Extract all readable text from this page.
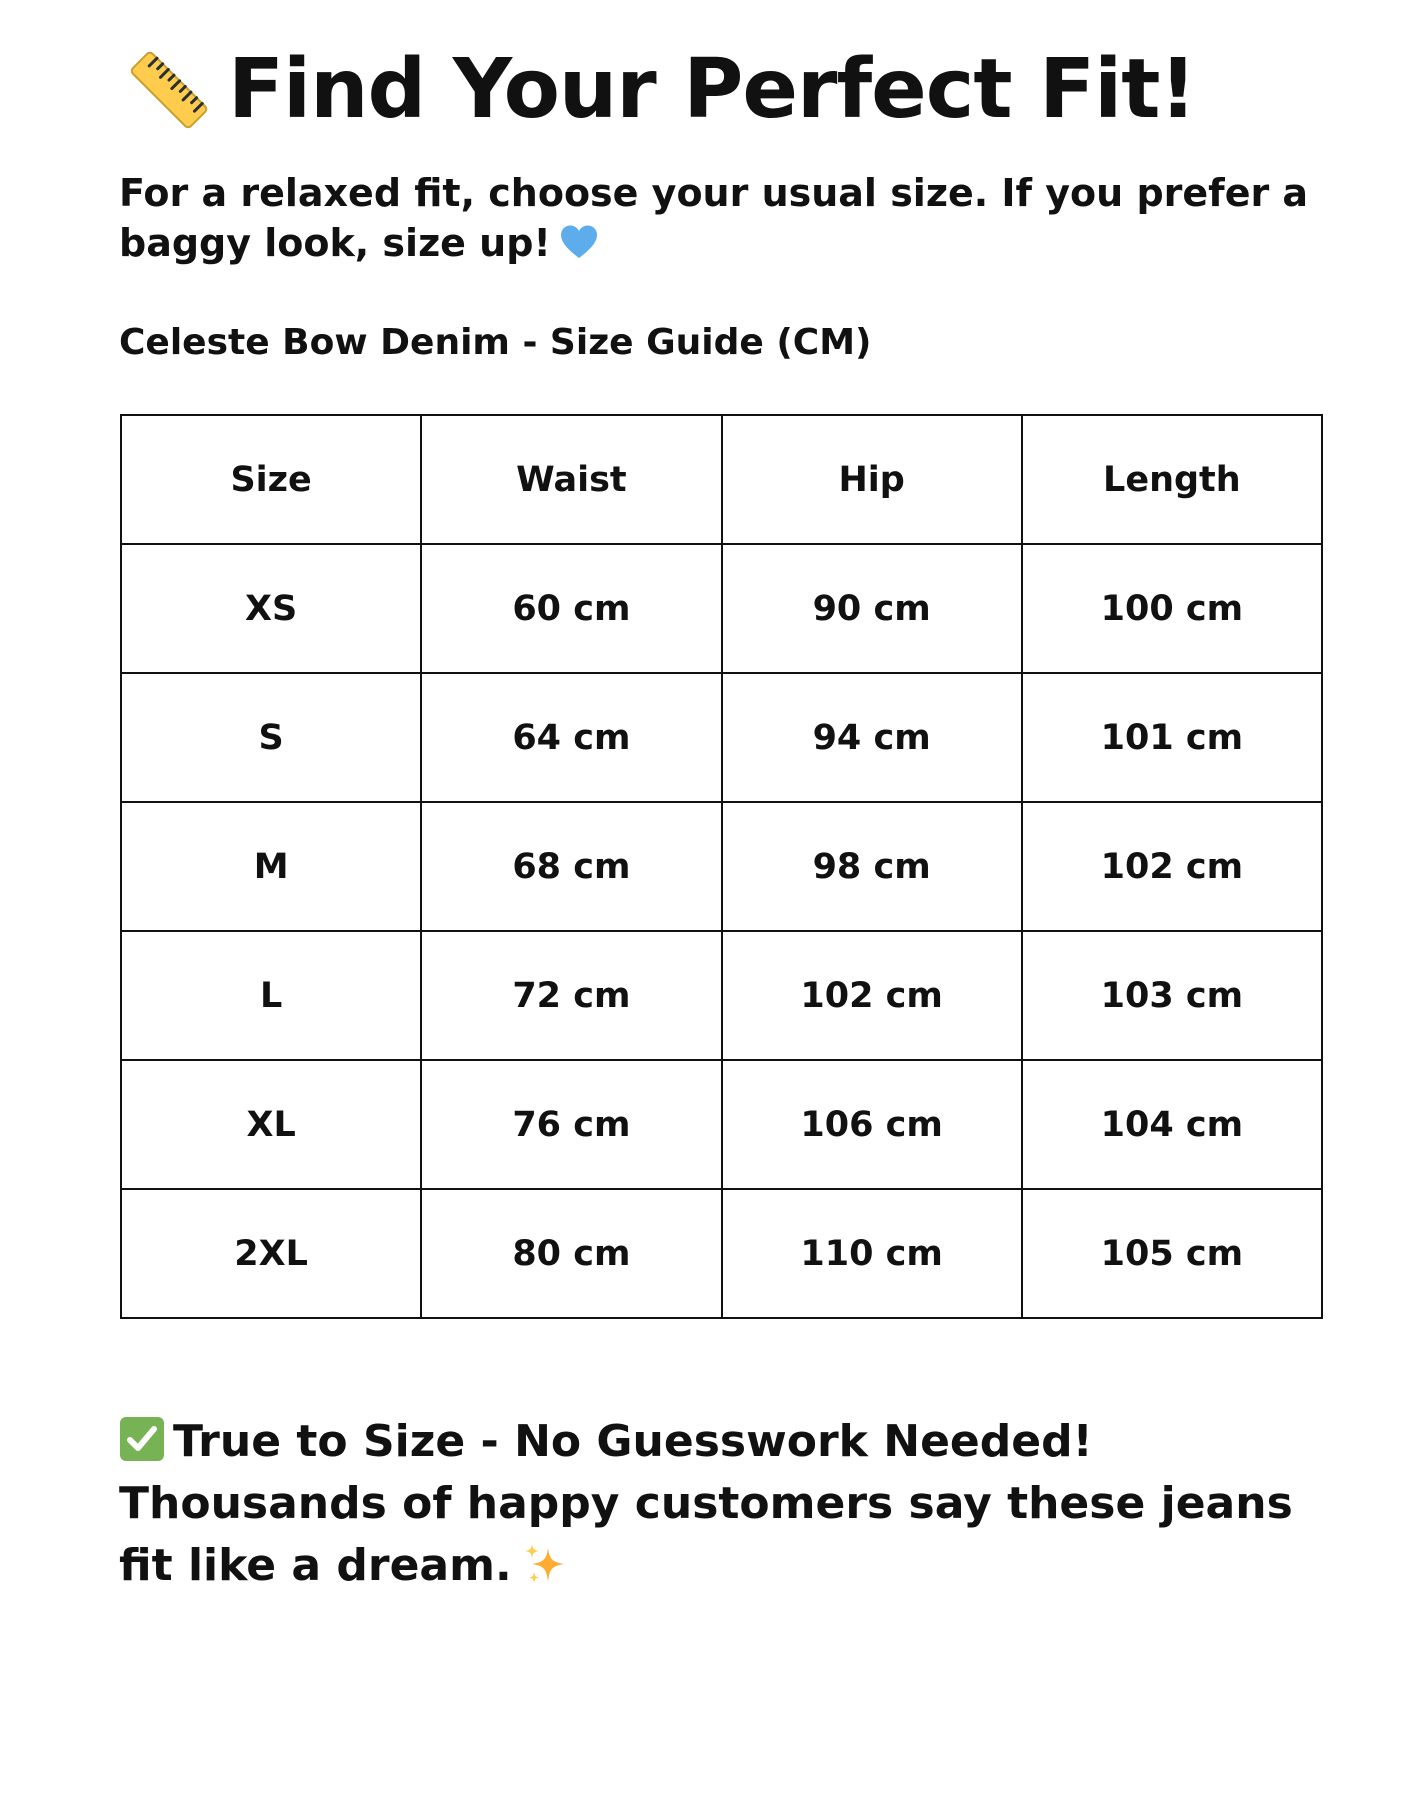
Find Your Perfect Fit!
For a relaxed fit, choose your usual size. If you prefer a baggy look, size up!
Celeste Bow Denim - Size Guide (CM)
Size	Waist	Hip	Length
XS	60 cm	90 cm	100 cm
S	64 cm	94 cm	101 cm
M	68 cm	98 cm	102 cm
L	72 cm	102 cm	103 cm
XL	76 cm	106 cm	104 cm
2XL	80 cm	110 cm	105 cm
True to Size - No Guesswork Needed!
Thousands of happy customers say these jeans fit like a dream.
